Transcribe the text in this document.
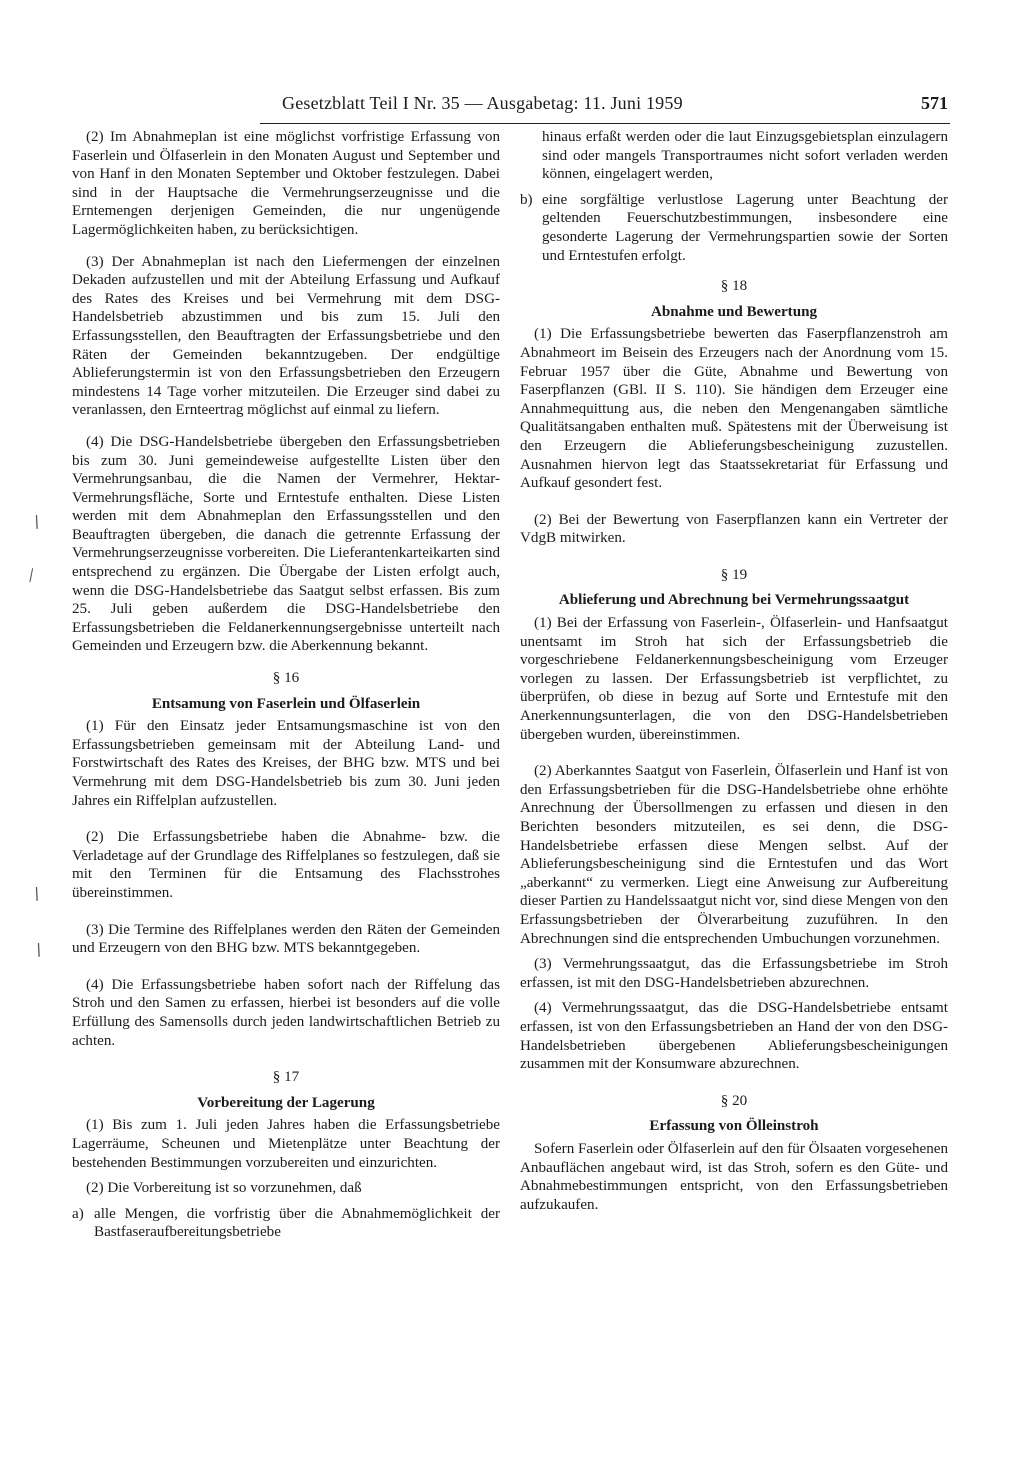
Gesetzblatt Teil I Nr. 35 — Ausgabetag: 11. Juni 1959	571
/
⁄
/
/

(2) Im Abnahmeplan ist eine möglichst vorfristige Erfassung von Faserlein und Ölfaserlein in den Monaten August und September und von Hanf in den Monaten September und Oktober festzulegen. Dabei sind in der Hauptsache die Vermehrungserzeugnisse und die Erntemengen derjenigen Gemeinden, die nur ungenügende Lagermöglichkeiten haben, zu berücksichtigen.

(3) Der Abnahmeplan ist nach den Liefermengen der einzelnen Dekaden aufzustellen und mit der Abteilung Erfassung und Aufkauf des Rates des Kreises und bei Vermehrung mit dem DSG-Handelsbetrieb abzustimmen und bis zum 15. Juli den Erfassungsstellen, den Beauftragten der Erfassungsbetriebe und den Räten der Gemeinden bekanntzugeben. Der endgültige Ablieferungstermin ist von den Erfassungsbetrieben den Erzeugern mindestens 14 Tage vorher mitzuteilen. Die Erzeuger sind dabei zu veranlassen, den Ernteertrag möglichst auf einmal zu liefern.

(4) Die DSG-Handelsbetriebe übergeben den Erfassungsbetrieben bis zum 30. Juni gemeindeweise aufgestellte Listen über den Vermehrungsanbau, die die Namen der Vermehrer, Hektar-Vermehrungsfläche, Sorte und Erntestufe enthalten. Diese Listen werden mit dem Abnahmeplan den Erfassungsstellen und den Beauftragten übergeben, die danach die getrennte Erfassung der Vermehrungserzeugnisse vorbereiten. Die Lieferantenkarteikarten sind entsprechend zu ergänzen. Die Übergabe der Listen erfolgt auch, wenn die DSG-Handelsbetriebe das Saatgut selbst erfassen. Bis zum 25. Juli geben außerdem die DSG-Handelsbetriebe den Erfassungsbetrieben die Feldanerkennungsergebnisse unterteilt nach Gemeinden und Erzeugern bzw. die Aberkennung bekannt.

§ 16

Entsamung von Faserlein und Ölfaserlein

(1) Für den Einsatz jeder Entsamungsmaschine ist von den Erfassungsbetrieben gemeinsam mit der Abteilung Land- und Forstwirtschaft des Rates des Kreises, der BHG bzw. MTS und bei Vermehrung mit dem DSG-Handelsbetrieb bis zum 30. Juni jeden Jahres ein Riffelplan aufzustellen.

(2) Die Erfassungsbetriebe haben die Abnahme- bzw. die Verladetage auf der Grundlage des Riffelplanes so festzulegen, daß sie mit den Terminen für die Entsamung des Flachsstrohes übereinstimmen.

(3) Die Termine des Riffelplanes werden den Räten der Gemeinden und Erzeugern von den BHG bzw. MTS bekanntgegeben.

(4) Die Erfassungsbetriebe haben sofort nach der Riffelung das Stroh und den Samen zu erfassen, hierbei ist besonders auf die volle Erfüllung des Samensolls durch jeden landwirtschaftlichen Betrieb zu achten.

§ 17

Vorbereitung der Lagerung

(1) Bis zum 1. Juli jeden Jahres haben die Erfassungsbetriebe Lagerräume, Scheunen und Mietenplätze unter Beachtung der bestehenden Bestimmungen vorzubereiten und einzurichten.

(2) Die Vorbereitung ist so vorzunehmen, daß

a) alle Mengen, die vorfristig über die Abnahmemöglichkeit der Bastfaseraufbereitungsbetriebe

hinaus erfaßt werden oder die laut Einzugsgebietsplan einzulagern sind oder mangels Transportraumes nicht sofort verladen werden können, eingelagert werden,

b) eine sorgfältige verlustlose Lagerung unter Beachtung der geltenden Feuerschutzbestimmungen, insbesondere eine gesonderte Lagerung der Vermehrungspartien sowie der Sorten und Erntestufen erfolgt.

§ 18

Abnahme und Bewertung

(1) Die Erfassungsbetriebe bewerten das Faserpflanzenstroh am Abnahmeort im Beisein des Erzeugers nach der Anordnung vom 15. Februar 1957 über die Güte, Abnahme und Bewertung von Faserpflanzen (GBl. II S. 110). Sie händigen dem Erzeuger eine Annahmequittung aus, die neben den Mengenangaben sämtliche Qualitätsangaben enthalten muß. Spätestens mit der Überweisung ist den Erzeugern die Ablieferungsbescheinigung zuzustellen. Ausnahmen hiervon legt das Staatssekretariat für Erfassung und Aufkauf gesondert fest.

(2) Bei der Bewertung von Faserpflanzen kann ein Vertreter der VdgB mitwirken.

§ 19

Ablieferung und Abrechnung bei Vermehrungssaatgut

(1) Bei der Erfassung von Faserlein-, Ölfaserlein- und Hanfsaatgut unentsamt im Stroh hat sich der Erfassungsbetrieb die vorgeschriebene Feldanerkennungsbescheinigung vom Erzeuger vorlegen zu lassen. Der Erfassungsbetrieb ist verpflichtet, zu überprüfen, ob diese in bezug auf Sorte und Erntestufe mit den Anerkennungsunterlagen, die von den DSG-Handelsbetrieben übergeben wurden, übereinstimmen.

(2) Aberkanntes Saatgut von Faserlein, Ölfaserlein und Hanf ist von den Erfassungsbetrieben für die DSG-Handelsbetriebe ohne erhöhte Anrechnung der Übersollmengen zu erfassen und diesen in den Berichten besonders mitzuteilen, es sei denn, die DSG-Handelsbetriebe erfassen diese Mengen selbst. Auf der Ablieferungsbescheinigung sind die Erntestufen und das Wort „aberkannt“ zu vermerken. Liegt eine Anweisung zur Aufbereitung dieser Partien zu Handelssaatgut nicht vor, sind diese Mengen von den Erfassungsbetrieben der Ölverarbeitung zuzuführen. In den Abrechnungen sind die entsprechenden Umbuchungen vorzunehmen.

(3) Vermehrungssaatgut, das die Erfassungsbetriebe im Stroh erfassen, ist mit den DSG-Handelsbetrieben abzurechnen.

(4) Vermehrungssaatgut, das die DSG-Handelsbetriebe entsamt erfassen, ist von den Erfassungsbetrieben an Hand der von den DSG-Handelsbetrieben übergebenen Ablieferungsbescheinigungen zusammen mit der Konsumware abzurechnen.

§ 20

Erfassung von Ölleinstroh

Sofern Faserlein oder Ölfaserlein auf den für Ölsaaten vorgesehenen Anbauflächen angebaut wird, ist das Stroh, sofern es den Güte- und Abnahmebestimmungen entspricht, von den Erfassungsbetrieben aufzukaufen.
